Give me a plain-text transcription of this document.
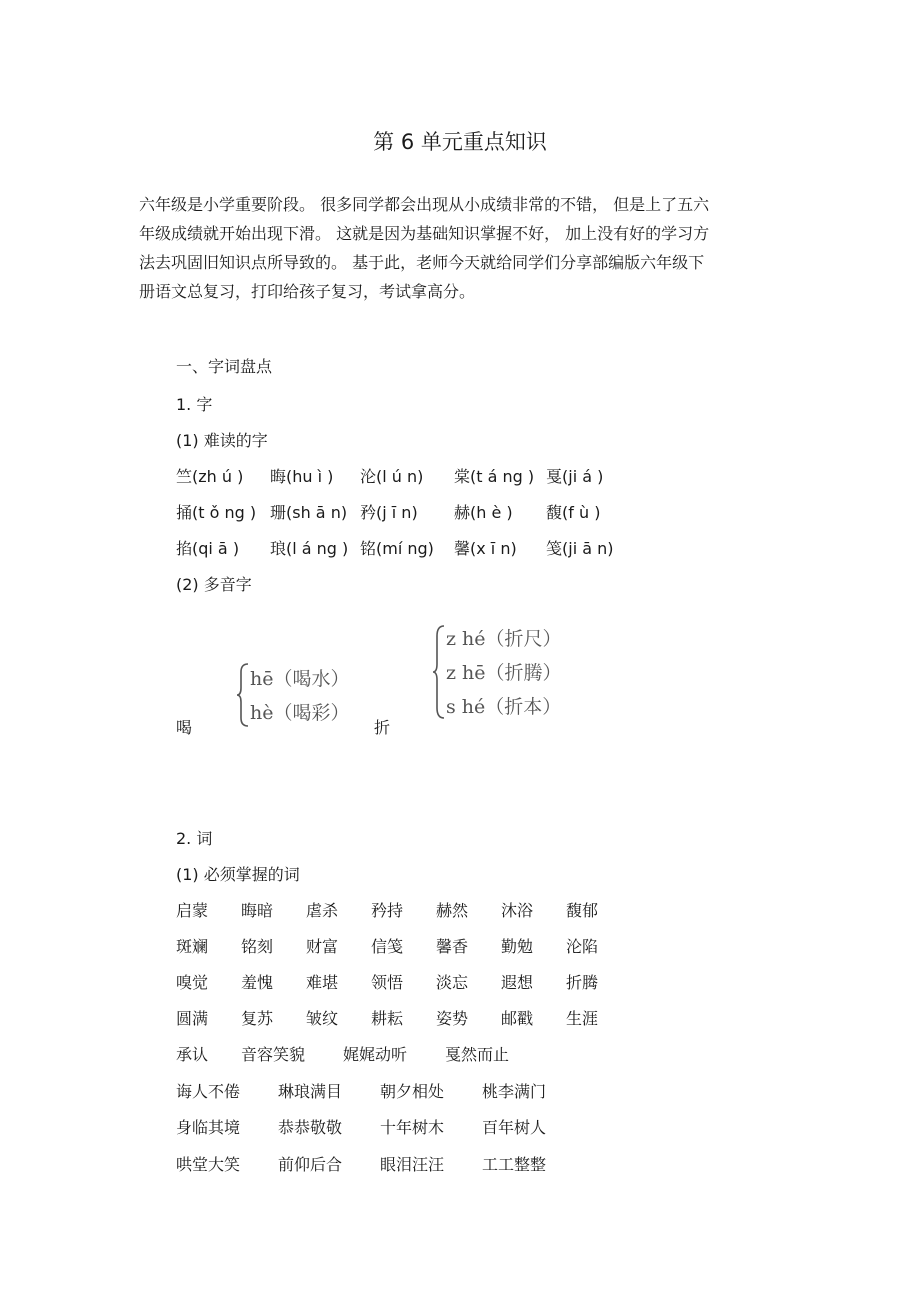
第 6 单元重点知识

六年级是小学重要阶段。 很多同学都会出现从小成绩非常的不错， 但是上了五六

年级成绩就开始出现下滑。 这就是因为基础知识掌握不好， 加上没有好的学习方

法去巩固旧知识点所导致的。 基于此，老师今天就给同学们分享部编版六年级下

册语文总复习，打印给孩子复习，考试拿高分。

一、字词盘点
1. 字
(1) 难读的字
竺(zh ú ) 晦(hu ì ) 沦(l ú n) 棠(t á ng ) 戛(ji á )
捅(t ǒ ng ) 珊(sh ā n) 矜(j ī n) 赫(h è ) 馥(f ù )
掐(qi ā ) 琅(l á ng ) 铭(mí ng) 馨(x ī n) 笺(ji ā n)
(2) 多音字
喝
hē（喝水）
hè（喝彩）
折
z hé（折尺）
z hē（折腾）
s hé（折本）
2. 词
(1) 必须掌握的词
启蒙 晦暗 虐杀 矜持 赫然 沐浴 馥郁
斑斓 铭刻 财富 信笺 馨香 勤勉 沦陷
嗅觉 羞愧 难堪 领悟 淡忘 遐想 折腾
圆满 复苏 皱纹 耕耘 姿势 邮戳 生涯
承认 音容笑貌 娓娓动听 戛然而止
诲人不倦 琳琅满目 朝夕相处 桃李满门
身临其境 恭恭敬敬 十年树木 百年树人
哄堂大笑 前仰后合 眼泪汪汪 工工整整
